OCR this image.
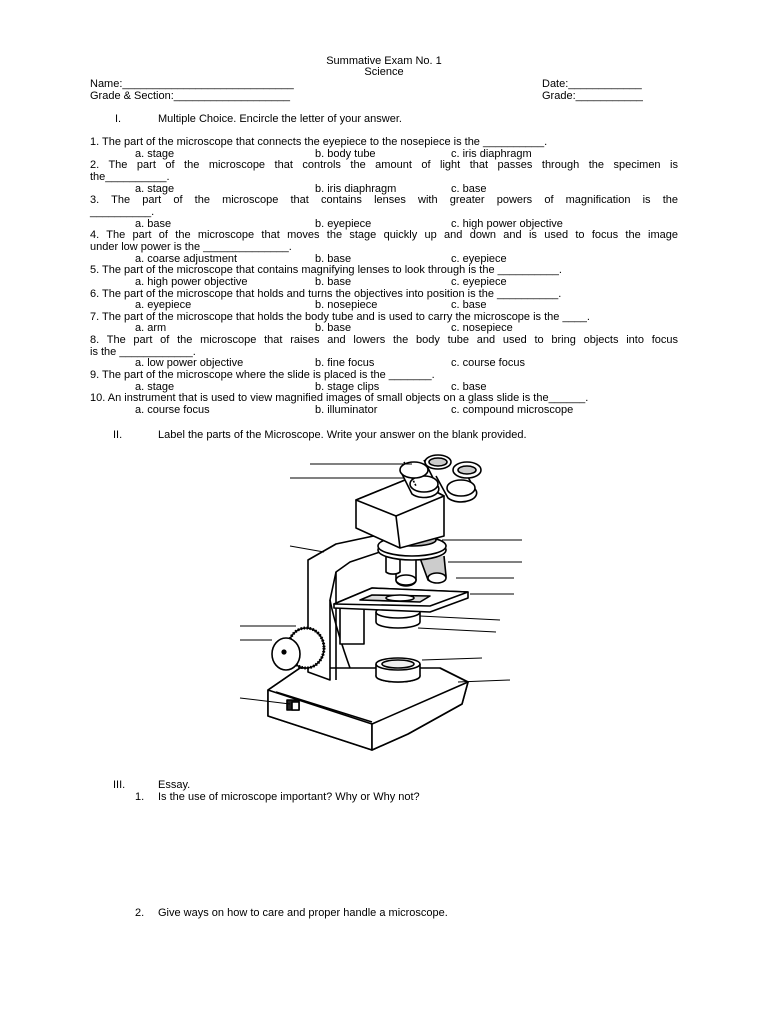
Summative Exam No. 1
Science
Name:____________________________	Date:____________
Grade & Section:___________________	Grade:___________
I.	Multiple Choice. Encircle the letter of your answer.
1. The part of the microscope that connects the eyepiece to the nosepiece is the __________.
a. stage	b. body tube	c. iris diaphragm
2. The part of the microscope that controls the amount of light that passes through the specimen is
the__________.
a. stage	b. iris diaphragm	c. base
3. The part of the microscope that contains lenses with greater powers of magnification is the
__________.
a. base	b. eyepiece	c. high power objective
4. The part of the microscope that moves the stage quickly up and down and is used to focus the image
under low power is the ______________.
a. coarse adjustment	b. base	c. eyepiece
5. The part of the microscope that contains magnifying lenses to look through is the __________.
a. high power objective	b. base	c. eyepiece
6. The part of the microscope that holds and turns the objectives into position is the __________.
a. eyepiece	b. nosepiece	c. base
7. The part of the microscope that holds the body tube and is used to carry the microscope is the ____.
a. arm	b. base	c. nosepiece
8. The part of the microscope that raises and lowers the body tube and used to bring objects into focus
is the ____________.
a. low power objective	b. fine focus	c. course focus
9. The part of the microscope where the slide is placed is the _______.
a. stage	b. stage clips	c. base
10. An instrument that is used to view magnified images of small objects on a glass slide is the______.
a. course focus	b. illuminator	c. compound microscope
II.	Label the parts of the Microscope. Write your answer on the blank provided.
III.	Essay.
1. Is the use of microscope important? Why or Why not?
2. Give ways on how to care and proper handle a microscope.
